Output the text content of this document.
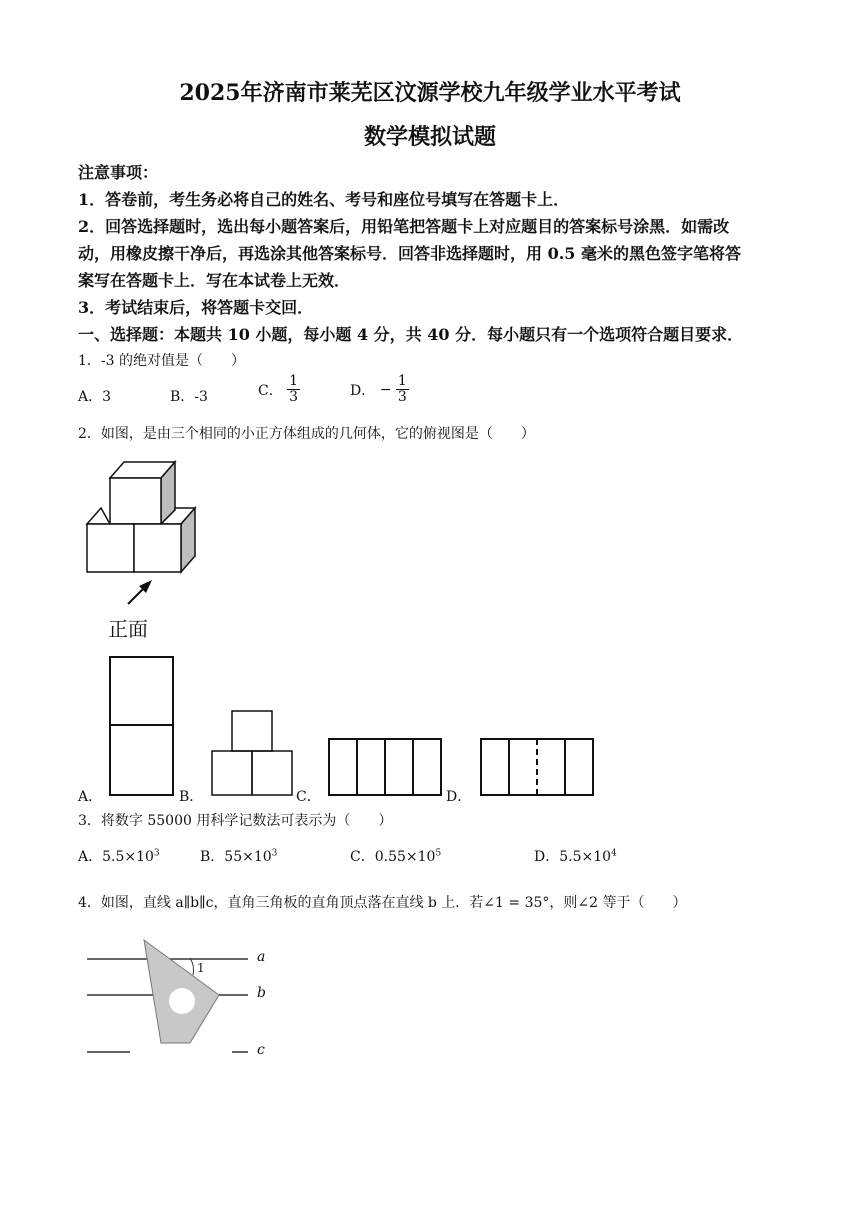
2025年济南市莱芜区汶源学校九年级学业水平考试
数学模拟试题
注意事项：
1．答卷前，考生务必将自己的姓名、考号和座位号填写在答题卡上．
2．回答选择题时，选出每小题答案后，用铅笔把答题卡上对应题目的答案标号涂黑．如需改
动，用橡皮擦干净后，再选涂其他答案标号．回答非选择题时，用 0.5 毫米的黑色签字笔将答
案写在答题卡上．写在本试卷上无效．
3．考试结束后，将答题卡交回．
一、选择题：本题共 10 小题，每小题 4 分，共 40 分．每小题只有一个选项符合题目要求．
1．-3 的绝对值是（　　）
A．3	B．-3	C． $\frac{1}{3}$	D． − $\frac{1}{3}$
2．如图，是由三个相同的小正方体组成的几何体，它的俯视图是（　　）
正面
A．	B．	C．	D．
3．将数字 55000 用科学记数法可表示为（　　）
A．$5.5\times 10^3$	B．$55\times 10^3$	C．$0.55\times 10^5$	D．$5.5\times 10^4$
4．如图，直线 a∥b∥c，直角三角板的直角顶点落在直线 b 上．若∠1 = 35°，则∠2 等于（　　）
1
a
b
c
